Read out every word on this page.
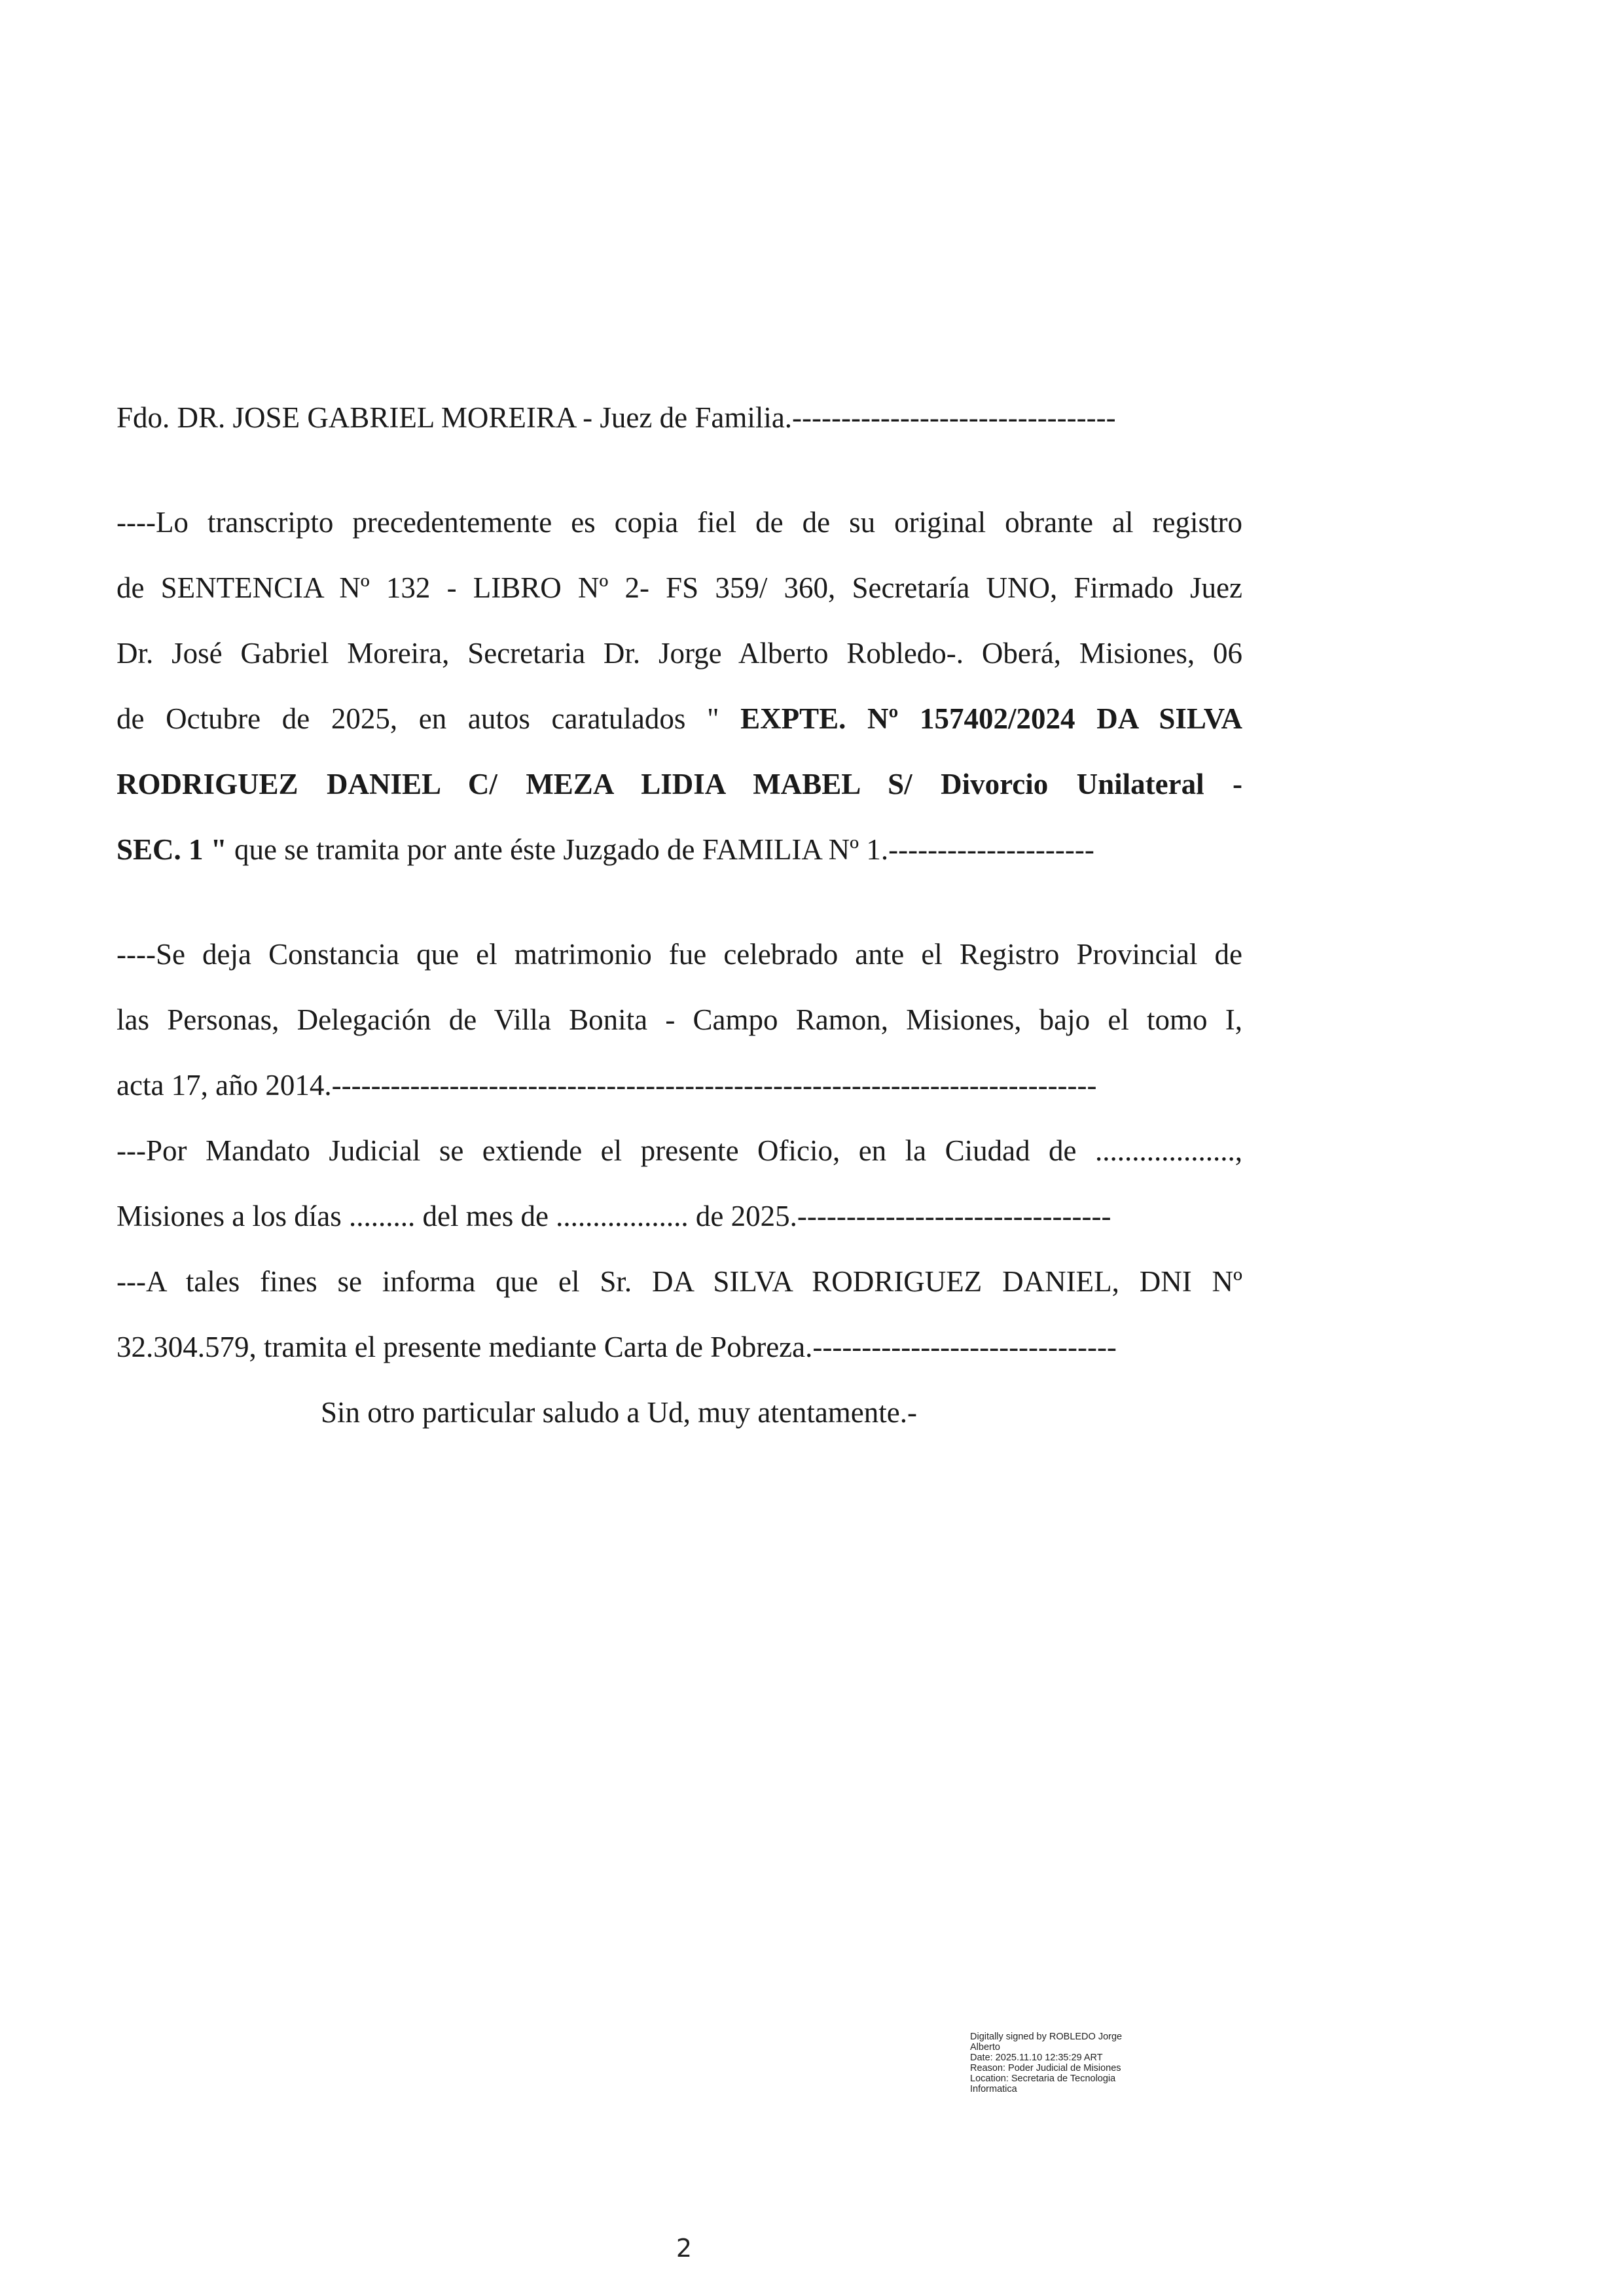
Fdo. DR. JOSE GABRIEL MOREIRA - Juez de Familia.---------------------------------
----Lo transcripto precedentemente es copia fiel de de su original obrante al registro
de SENTENCIA Nº 132 - LIBRO Nº 2- FS 359/ 360, Secretaría UNO, Firmado Juez
Dr. José Gabriel Moreira, Secretaria Dr. Jorge Alberto Robledo-. Oberá, Misiones, 06
de Octubre de 2025, en autos caratulados " EXPTE. Nº 157402/2024 DA SILVA
RODRIGUEZ DANIEL C/ MEZA LIDIA MABEL S/ Divorcio Unilateral -
SEC. 1 " que se tramita por ante éste Juzgado de FAMILIA Nº 1.---------------------
----Se deja Constancia que el matrimonio fue celebrado ante el Registro Provincial de
las Personas, Delegación de Villa Bonita - Campo Ramon, Misiones, bajo el tomo I,
acta 17, año 2014.------------------------------------------------------------------------------
---Por Mandato Judicial se extiende el presente Oficio, en la Ciudad de ...................,
Misiones a los días ......... del mes de .................. de 2025.--------------------------------
---A tales fines se informa que el Sr. DA SILVA RODRIGUEZ DANIEL, DNI Nº
32.304.579, tramita el presente mediante Carta de Pobreza.-------------------------------
Sin otro particular saludo a Ud, muy atentamente.-
Digitally signed by ROBLEDO Jorge
Alberto
Date: 2025.11.10 12:35:29 ART
Reason: Poder Judicial de Misiones
Location: Secretaria de Tecnologia
Informatica
2
